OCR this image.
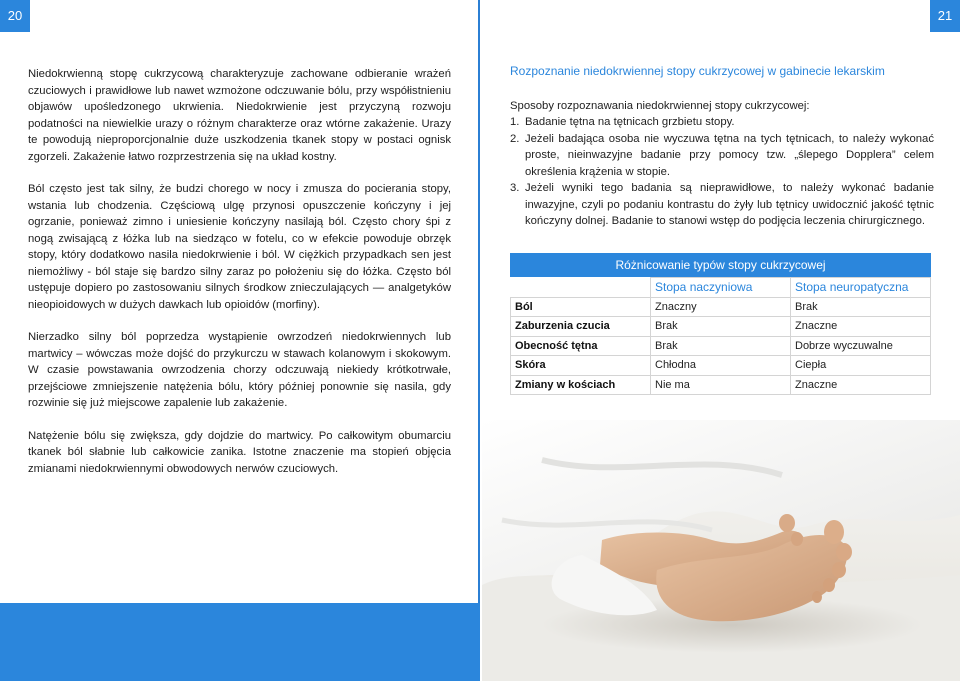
20

Niedokrwienną stopę cukrzycową charakteryzuje zachowane odbieranie wrażeń czuciowych i prawidłowe lub nawet wzmożone odczuwanie bólu, przy współistnieniu objawów upośledzonego ukrwienia. Niedokrwienie jest przyczyną rozwoju podatności na niewielkie urazy o różnym charakterze oraz wtórne zakażenie. Urazy te powodują nieproporcjonalnie duże uszkodzenia tkanek stopy w postaci ognisk zgorzeli. Zakażenie łatwo rozprzestrzenia się na układ kostny.

Ból często jest tak silny, że budzi chorego w nocy i zmusza do pocierania stopy, wstania lub chodzenia. Częściową ulgę przynosi opuszczenie kończyny i jej ogrzanie, ponieważ zimno i uniesienie kończyny nasilają ból. Często chory śpi z nogą zwisającą z łóżka lub na siedząco w fotelu, co w efekcie powoduje obrzęk stopy, który dodatkowo nasila niedokrwienie i ból. W ciężkich przypadkach sen jest niemożliwy - ból staje się bardzo silny zaraz po położeniu się do łóżka. Często ból ustępuje dopiero po zastosowaniu silnych środkow znieczulających — analgetyków nieopioidowych w dużych dawkach lub opioidów (morfiny).

Nierzadko silny ból poprzedza wystąpienie owrzodzeń niedokrwiennych lub martwicy – wówczas może dojść do przykurczu w stawach kolanowym i skokowym. W czasie powstawania owrzodzenia chorzy odczuwają niekiedy krótkotrwałe, przejściowe zmniejszenie natężenia bólu, który później ponownie się nasila, gdy rozwinie się już miejscowe zapalenie lub zakażenie.

Natężenie bólu się zwiększa, gdy dojdzie do martwicy. Po całkowitym obumarciu tkanek ból słabnie lub całkowicie zanika. Istotne znaczenie ma stopień objęcia zmianami niedokrwiennymi obwodowych nerwów czuciowych.

21
Rozpoznanie niedokrwiennej stopy cukrzycowej w gabinecie lekarskim
Sposoby rozpoznawania niedokrwiennej stopy cukrzycowej:
1. Badanie tętna na tętnicach grzbietu stopy.
2. Jeżeli badająca osoba nie wyczuwa tętna na tych tętnicach, to należy wykonać proste, nieinwazyjne badanie przy pomocy tzw. „ślepego Dopplera” celem określenia krążenia w stopie.
3. Jeżeli wyniki tego badania są nieprawidłowe, to należy wykonać badanie inwazyjne, czyli po podaniu kontrastu do żyły lub tętnicy uwidocznić jakość tętnic kończyny dolnej. Badanie to stanowi wstęp do podjęcia leczenia chirurgicznego.
Różnicowanie typów stopy cukrzycowej
	Stopa naczyniowa	Stopa neuropatyczna
Ból	Znaczny	Brak
Zaburzenia czucia	Brak	Znaczne
Obecność tętna	Brak	Dobrze wyczuwalne
Skóra	Chłodna	Ciepła
Zmiany w kościach	Nie ma	Znaczne
